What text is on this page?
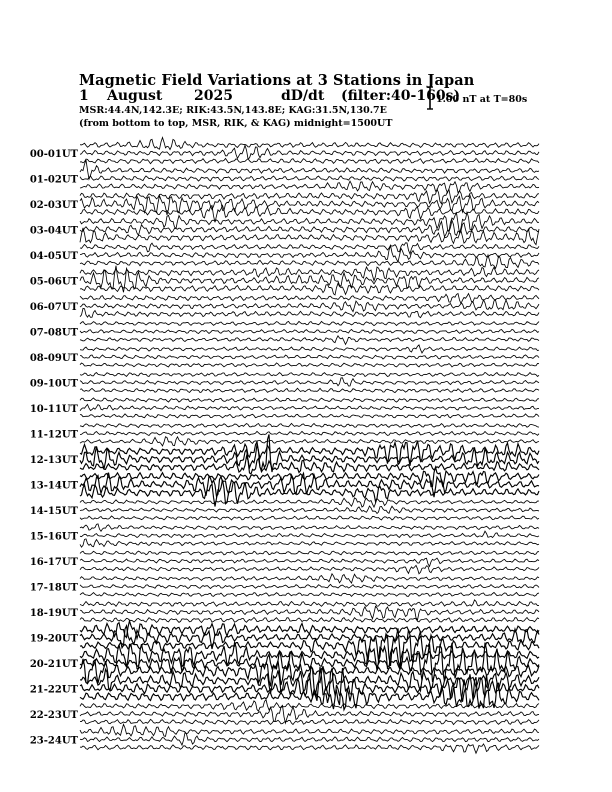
Magnetic Field Variations at 3 Stations in Japan
1 August 2025	dD/dt (filter:40-160s)
MSR:44.4N,142.3E; RIK:43.5N,143.8E; KAG:31.5N,130.7E
(from bottom to top, MSR, RIK, & KAG) midnight=1500UT
1.00 nT at T=80s
00-01UT
01-02UT
02-03UT
03-04UT
04-05UT
05-06UT
06-07UT
07-08UT
08-09UT
09-10UT
10-11UT
11-12UT
12-13UT
13-14UT
14-15UT
15-16UT
16-17UT
17-18UT
18-19UT
19-20UT
20-21UT
21-22UT
22-23UT
23-24UT
